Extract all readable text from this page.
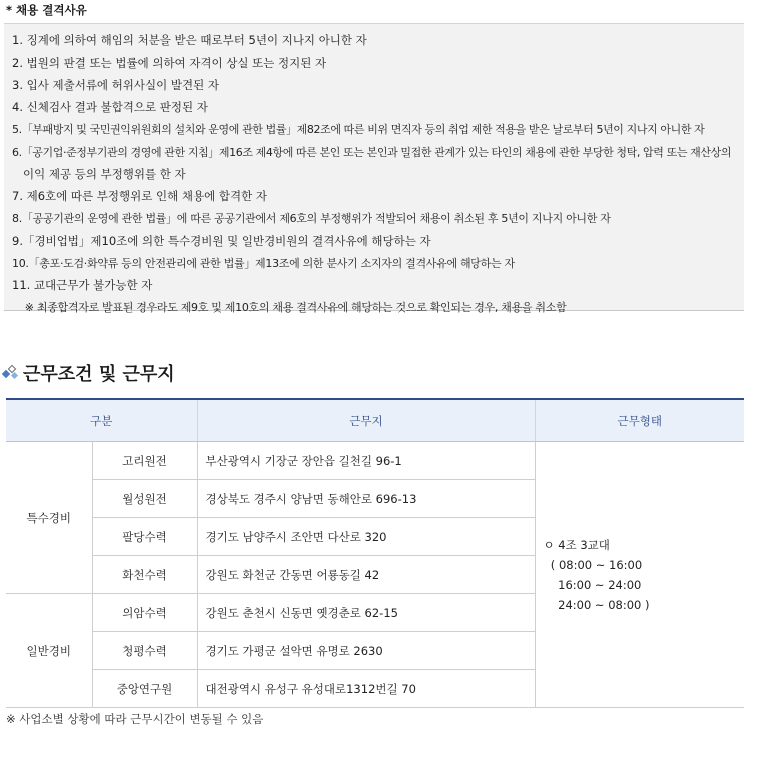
* 채용 결격사유
1. 징계에 의하여 해임의 처분을 받은 때로부터 5년이 지나지 아니한 자
2. 법원의 판결 또는 법률에 의하여 자격이 상실 또는 정지된 자
3. 입사 제출서류에 허위사실이 발견된 자
4. 신체검사 결과 불합격으로 판정된 자
5.「부패방지 및 국민권익위원회의 설치와 운영에 관한 법률」제82조에 따른 비위 면직자 등의 취업 제한 적용을 받은 날로부터 5년이 지나지 아니한 자
6.「공기업·준정부기관의 경영에 관한 지침」제16조 제4항에 따른 본인 또는 본인과 밀접한 관계가 있는 타인의 채용에 관한 부당한 청탁, 압력 또는 재산상의
이익 제공 등의 부정행위를 한 자
7. 제6호에 따른 부정행위로 인해 채용에 합격한 자
8.「공공기관의 운영에 관한 법률」에 따른 공공기관에서 제6호의 부정행위가 적발되어 채용이 취소된 후 5년이 지나지 아니한 자
9.「경비업법」제10조에 의한 특수경비원 및 일반경비원의 결격사유에 해당하는 자
10.「총포·도검·화약류 등의 안전관리에 관한 법률」제13조에 의한 분사기 소지자의 결격사유에 해당하는 자
11. 교대근무가 불가능한 자
※ 최종합격자로 발표된 경우라도 제9호 및 제10호의 채용 결격사유에 해당하는 것으로 확인되는 경우, 채용을 취소함
근무조건 및 근무지
구분		근무지	근무형태
특수경비	고리원전	부산광역시 기장군 장안읍 길천길 96-1	ㅇ 4조 3교대
( 08:00 ~ 16:00
16:00 ~ 24:00
24:00 ~ 08:00 )

	월성원전	경상북도 경주시 양남면 동해안로 696-13	
	팔당수력	경기도 남양주시 조안면 다산로 320	
	화천수력	강원도 화천군 간동면 어룡동길 42	
일반경비	의암수력	강원도 춘천시 신동면 옛경춘로 62-15	
	청평수력	경기도 가평군 설악면 유명로 2630	
	중앙연구원	대전광역시 유성구 유성대로1312번길 70	
※ 사업소별 상황에 따라 근무시간이 변동될 수 있음
